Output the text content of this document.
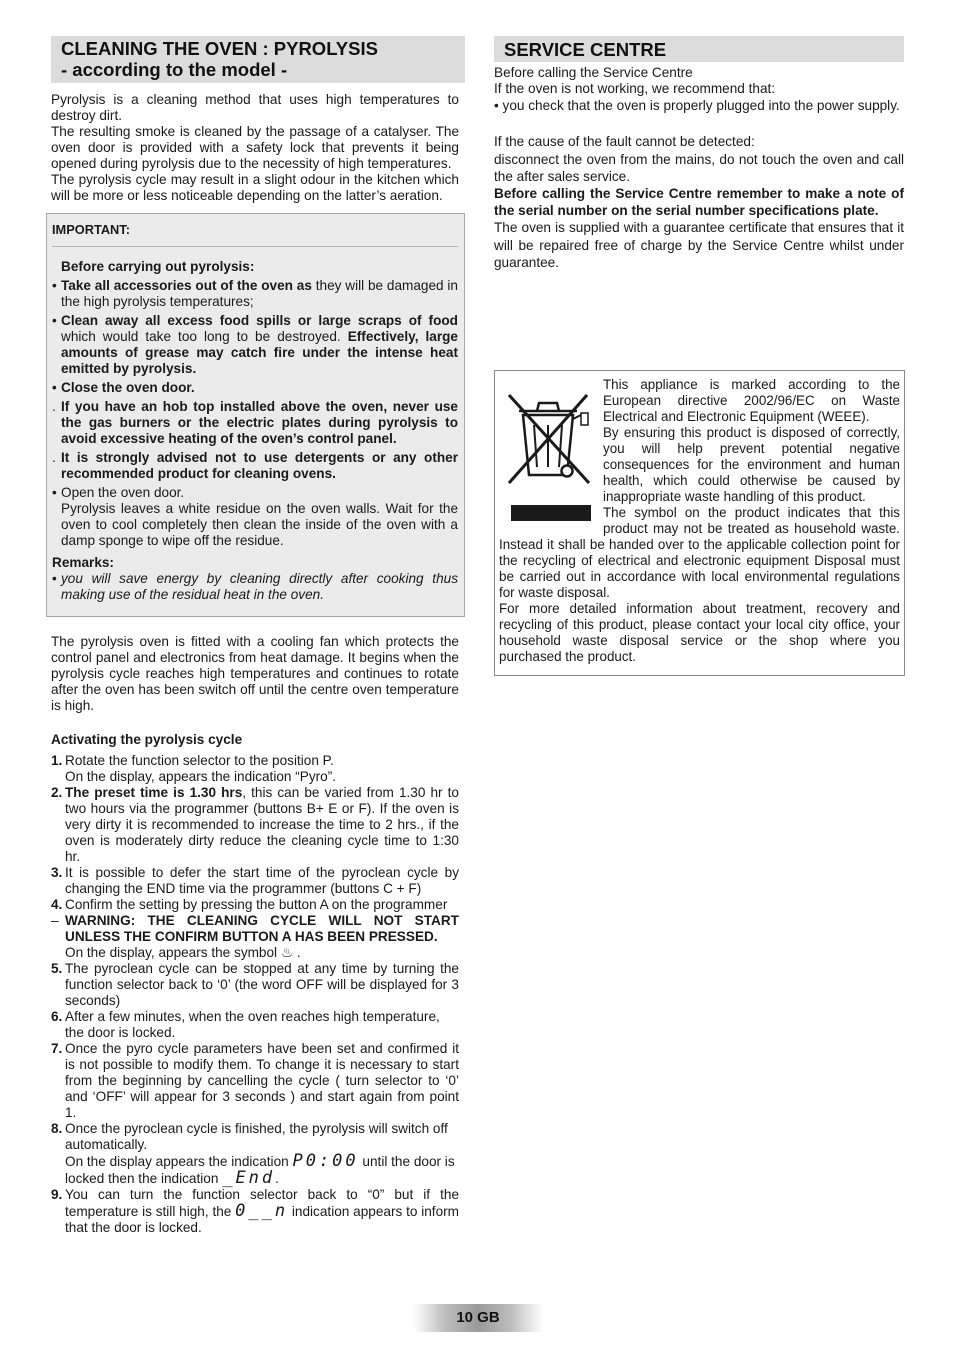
CLEANING THE OVEN : PYROLYSIS
- according to the model -

Pyrolysis is a cleaning method that uses high temperatures to destroy dirt.

The resulting smoke is cleaned by the passage of a catalyser. The oven door is provided with a safety lock that prevents it being opened during pyrolysis due to the necessity of high temperatures.

The pyrolysis cycle may result in a slight odour in the kitchen which will be more or less noticeable depending on the latter’s aeration.

IMPORTANT:
Before carrying out pyrolysis:
• Take all accessories out of the oven as they will be damaged in the high pyrolysis temperatures;
• Clean away all excess food spills or large scraps of food which would take too long to be destroyed. Effectively, large amounts of grease may catch fire under the intense heat emitted by pyrolysis.
• Close the oven door.
. If you have an hob top installed above the oven, never use the gas burners or the electric plates during pyrolysis to avoid excessive heating of the oven’s control panel.
. It is strongly advised not to use detergents or any other recommended product for cleaning ovens.
• Open the oven door.
Pyrolysis leaves a white residue on the oven walls. Wait for the oven to cool completely then clean the inside of the oven with a damp sponge to wipe off the residue.
Remarks:
• you will save energy by cleaning directly after cooking thus making use of the residual heat in the oven.

The pyrolysis oven is fitted with a cooling fan which protects the control panel and electronics from heat damage. It begins when the pyrolysis cycle reaches high temperatures and continues to rotate after the oven has been switch off until the centre oven temperature is high.

Activating the pyrolysis cycle
1. Rotate the function selector to the position P.
On the display, appears the indication “Pyro”.
2. The preset time is 1.30 hrs, this can be varied from 1.30 hr to two hours via the programmer (buttons B+ E or F). If the oven is very dirty it is recommended to increase the time to 2 hrs., if the oven is moderately dirty reduce the cleaning cycle time to 1:30 hr.
3. It is possible to defer the start time of the pyroclean cycle by changing the END time via the programmer (buttons C + F)
4. Confirm the setting by pressing the button A on the programmer
– WARNING: THE CLEANING CYCLE WILL NOT START UNLESS THE CONFIRM BUTTON A HAS BEEN PRESSED.
On the display, appears the symbol ♨ .
5. The pyroclean cycle can be stopped at any time by turning the function selector back to ‘0’ (the word OFF will be displayed for 3 seconds)
6. After a few minutes, when the oven reaches high temperature, the door is locked.
7. Once the pyro cycle parameters have been set and confirmed it is not possible to modify them. To change it is necessary to start from the beginning by cancelling the cycle ( turn selector to ‘0’ and ‘OFF’ will appear for 3 seconds ) and start again from point 1.
8. Once the pyroclean cycle is finished, the pyrolysis will switch off automatically.
On the display appears the indication P0:00 until the door is locked then the indication _End.
9. You can turn the function selector back to “0” but if the temperature is still high, the 0__n indication appears to inform that the door is locked.
SERVICE CENTRE

Before calling the Service Centre

If the oven is not working, we recommend that:

• you check that the oven is properly plugged into the power supply.

If the cause of the fault cannot be detected:

disconnect the oven from the mains, do not touch the oven and call the after sales service.

Before calling the Service Centre remember to make a note of the serial number on the serial number specifications plate.

The oven is supplied with a guarantee certificate that ensures that it will be repaired free of charge by the Service Centre whilst under guarantee.

This appliance is marked according to the European directive 2002/96/EC on Waste Electrical and Electronic Equipment (WEEE).
By ensuring this product is disposed of correctly, you will help prevent potential negative consequences for the environment and human health, which could otherwise be caused by inappropriate waste handling of this product.
The symbol on the product indicates that this product may not be treated as household waste. Instead it shall be handed over to the applicable collection point for the recycling of electrical and electronic equipment Disposal must be carried out in accordance with local environmental regulations for waste disposal.
For more detailed information about treatment, recovery and recycling of this product, please contact your local city office, your household waste disposal service or the shop where you purchased the product.
10 GB
